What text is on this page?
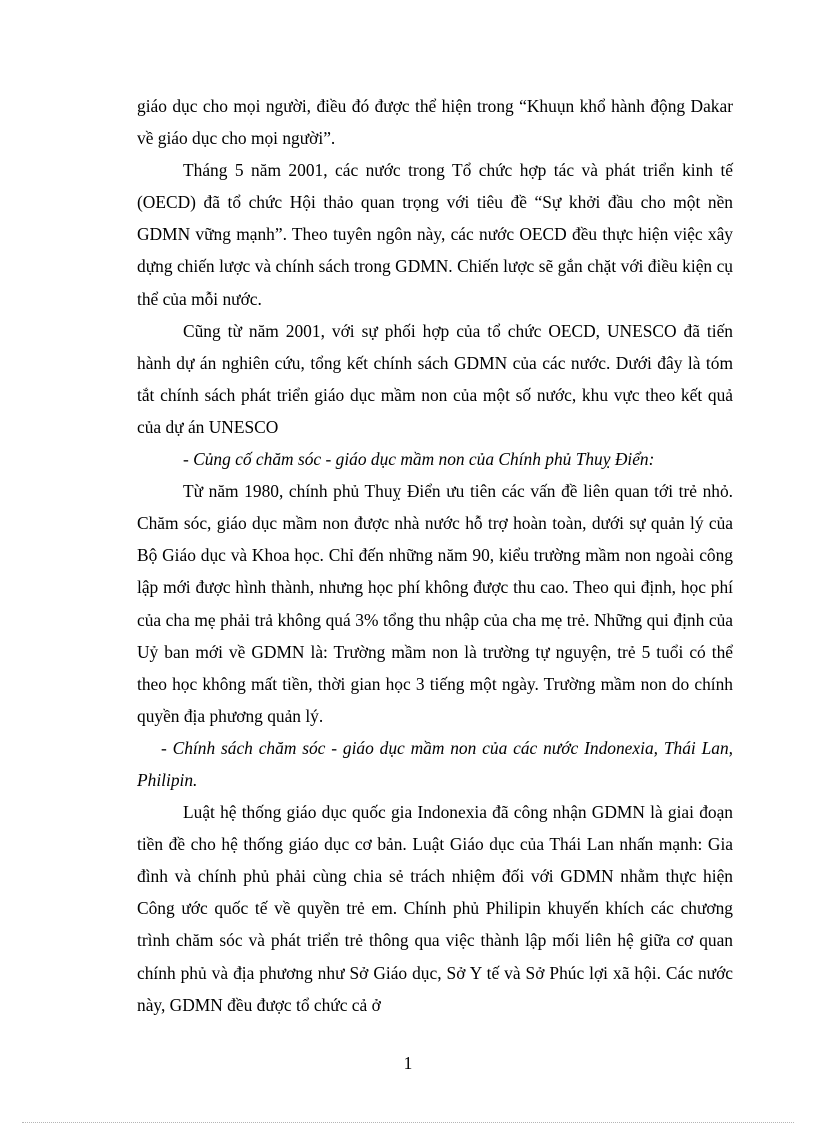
giáo dục cho mọi người, điều đó được thể hiện trong “Khuụn khổ hành động Dakar về giáo dục cho mọi người”.

Tháng 5 năm 2001, các nước trong Tổ chức hợp tác và phát triển kinh tế (OECD) đã tổ chức Hội thảo quan trọng với tiêu đề “Sự khởi đầu cho một nền GDMN vững mạnh”. Theo tuyên ngôn này, các nước OECD đều thực hiện việc xây dựng chiến lược và chính sách trong GDMN. Chiến lược sẽ gắn chặt với điều kiện cụ thể của mỗi nước.

Cũng từ năm 2001, với sự phối hợp của tổ chức OECD, UNESCO đã tiến hành dự án nghiên cứu, tổng kết chính sách GDMN của các nước. Dưới đây là tóm tắt chính sách phát triển giáo dục mầm non của một số nước, khu vực theo kết quả của dự án UNESCO

- Củng cố chăm sóc - giáo dục mầm non của Chính phủ Thuỵ Điển:

Từ năm 1980, chính phủ Thuỵ Điển ưu tiên các vấn đề liên quan tới trẻ nhỏ. Chăm sóc, giáo dục mầm non được nhà nước hỗ trợ hoàn toàn, dưới sự quản lý của Bộ Giáo dục và Khoa học. Chỉ đến những năm 90, kiểu trường mầm non ngoài công lập mới được hình thành, nhưng học phí không được thu cao. Theo qui định, học phí của cha mẹ phải trả không quá 3% tổng thu nhập của cha mẹ trẻ. Những qui định của Uỷ ban mới về GDMN là: Trường mầm non là trường tự nguyện, trẻ 5 tuổi có thể theo học không mất tiền, thời gian học 3 tiếng một ngày. Trường mầm non do chính quyền địa phương quản lý.

- Chính sách chăm sóc - giáo dục mầm non của các nước Indonexia, Thái Lan, Philipin.

Luật hệ thống giáo dục quốc gia Indonexia đã công nhận GDMN là giai đoạn tiền đề cho hệ thống giáo dục cơ bản. Luật Giáo dục của Thái Lan nhấn mạnh: Gia đình và chính phủ phải cùng chia sẻ trách nhiệm đối với GDMN nhằm thực hiện Công ước quốc tế về quyền trẻ em. Chính phủ Philipin khuyến khích các chương trình chăm sóc và phát triển trẻ thông qua việc thành lập mối liên hệ giữa cơ quan chính phủ và địa phương như Sở Giáo dục, Sở Y tế và Sở Phúc lợi xã hội. Các nước này, GDMN đều được tổ chức cả ở

1
